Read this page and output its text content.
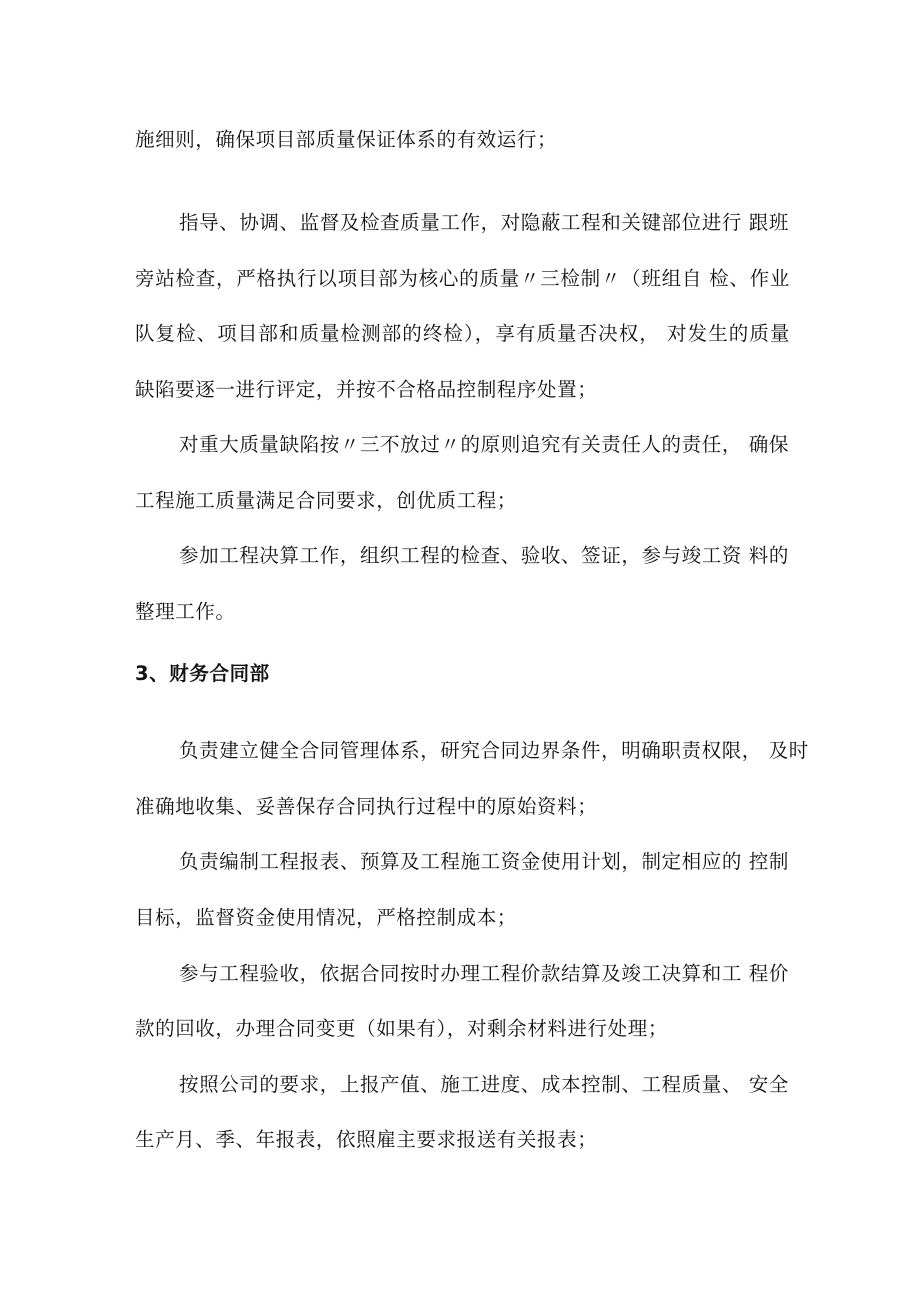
施细则，确保项目部质量保证体系的有效运行；
指导、协调、监督及检查质量工作，对隐蔽工程和关键部位进行 跟班
旁站检查，严格执行以项目部为核心的质量〃三检制〃（班组自 检、作业
队复检、项目部和质量检测部的终检），享有质量否决权， 对发生的质量
缺陷要逐一进行评定，并按不合格品控制程序处置；
对重大质量缺陷按〃三不放过〃的原则追究有关责任人的责任， 确保
工程施工质量满足合同要求，创优质工程；
参加工程决算工作，组织工程的检查、验收、签证，参与竣工资 料的
整理工作。
3、财务合同部
负责建立健全合同管理体系，研究合同边界条件，明确职责权限， 及时
准确地收集、妥善保存合同执行过程中的原始资料；
负责编制工程报表、预算及工程施工资金使用计划，制定相应的 控制
目标，监督资金使用情况，严格控制成本；
参与工程验收，依据合同按时办理工程价款结算及竣工决算和工 程价
款的回收，办理合同变更（如果有），对剩余材料进行处理；
按照公司的要求，上报产值、施工进度、成本控制、工程质量、 安全
生产月、季、年报表，依照雇主要求报送有关报表；
